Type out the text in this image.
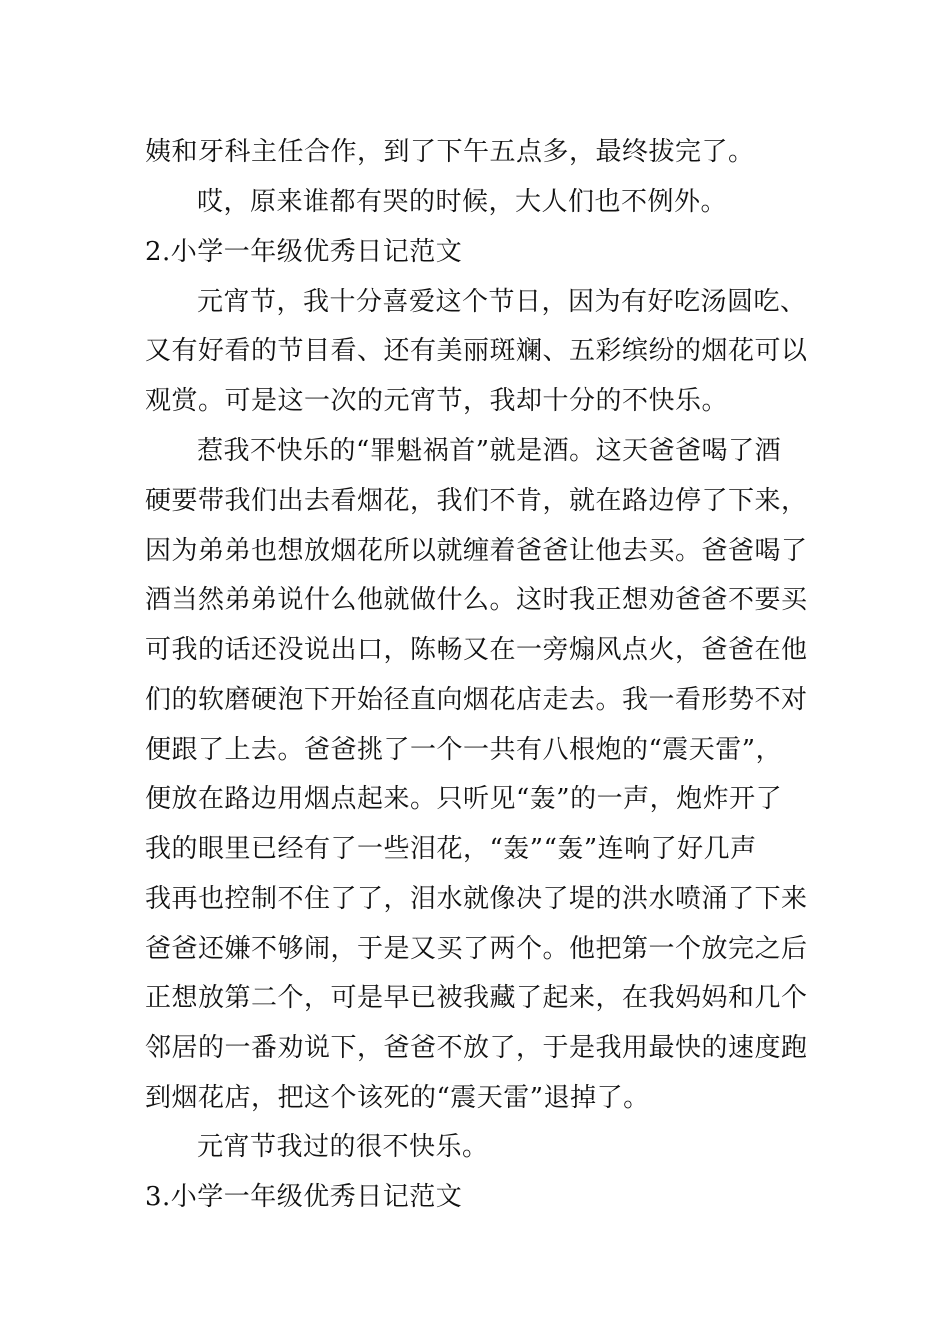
姨和牙科主任合作，到了下午五点多，最终拔完了。
哎，原来谁都有哭的时候，大人们也不例外。
2.小学一年级优秀日记范文
元宵节，我十分喜爱这个节日，因为有好吃汤圆吃、
又有好看的节目看、还有美丽斑斓、五彩缤纷的烟花可以
观赏。可是这一次的元宵节，我却十分的不快乐。
惹我不快乐的“罪魁祸首”就是酒。这天爸爸喝了酒
硬要带我们出去看烟花，我们不肯，就在路边停了下来，
因为弟弟也想放烟花所以就缠着爸爸让他去买。爸爸喝了
酒当然弟弟说什么他就做什么。这时我正想劝爸爸不要买
可我的话还没说出口，陈畅又在一旁煽风点火，爸爸在他
们的软磨硬泡下开始径直向烟花店走去。我一看形势不对
便跟了上去。爸爸挑了一个一共有八根炮的“震天雷”，
便放在路边用烟点起来。只听见“轰”的一声，炮炸开了
我的眼里已经有了一些泪花，“轰”“轰”连响了好几声
我再也控制不住了了，泪水就像决了堤的洪水喷涌了下来
爸爸还嫌不够闹，于是又买了两个。他把第一个放完之后
正想放第二个，可是早已被我藏了起来，在我妈妈和几个
邻居的一番劝说下，爸爸不放了，于是我用最快的速度跑
到烟花店，把这个该死的“震天雷”退掉了。
元宵节我过的很不快乐。
3.小学一年级优秀日记范文
